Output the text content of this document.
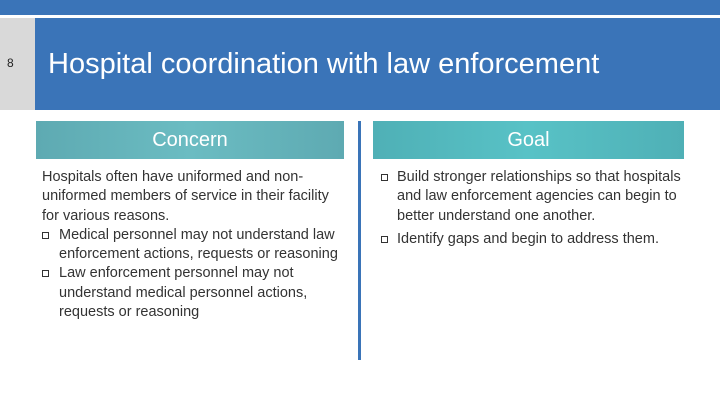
8 Hospital coordination with law enforcement
Concern	Goal

Hospitals often have uniformed and non-uniformed members of service in their facility for various reasons.

Medical personnel may not understand law enforcement actions, requests or reasoning
Law enforcement personnel may not understand medical personnel actions, requests or reasoning
Build stronger relationships so that hospitals and law enforcement agencies can begin to better understand one another.
Identify gaps and begin to address them.
